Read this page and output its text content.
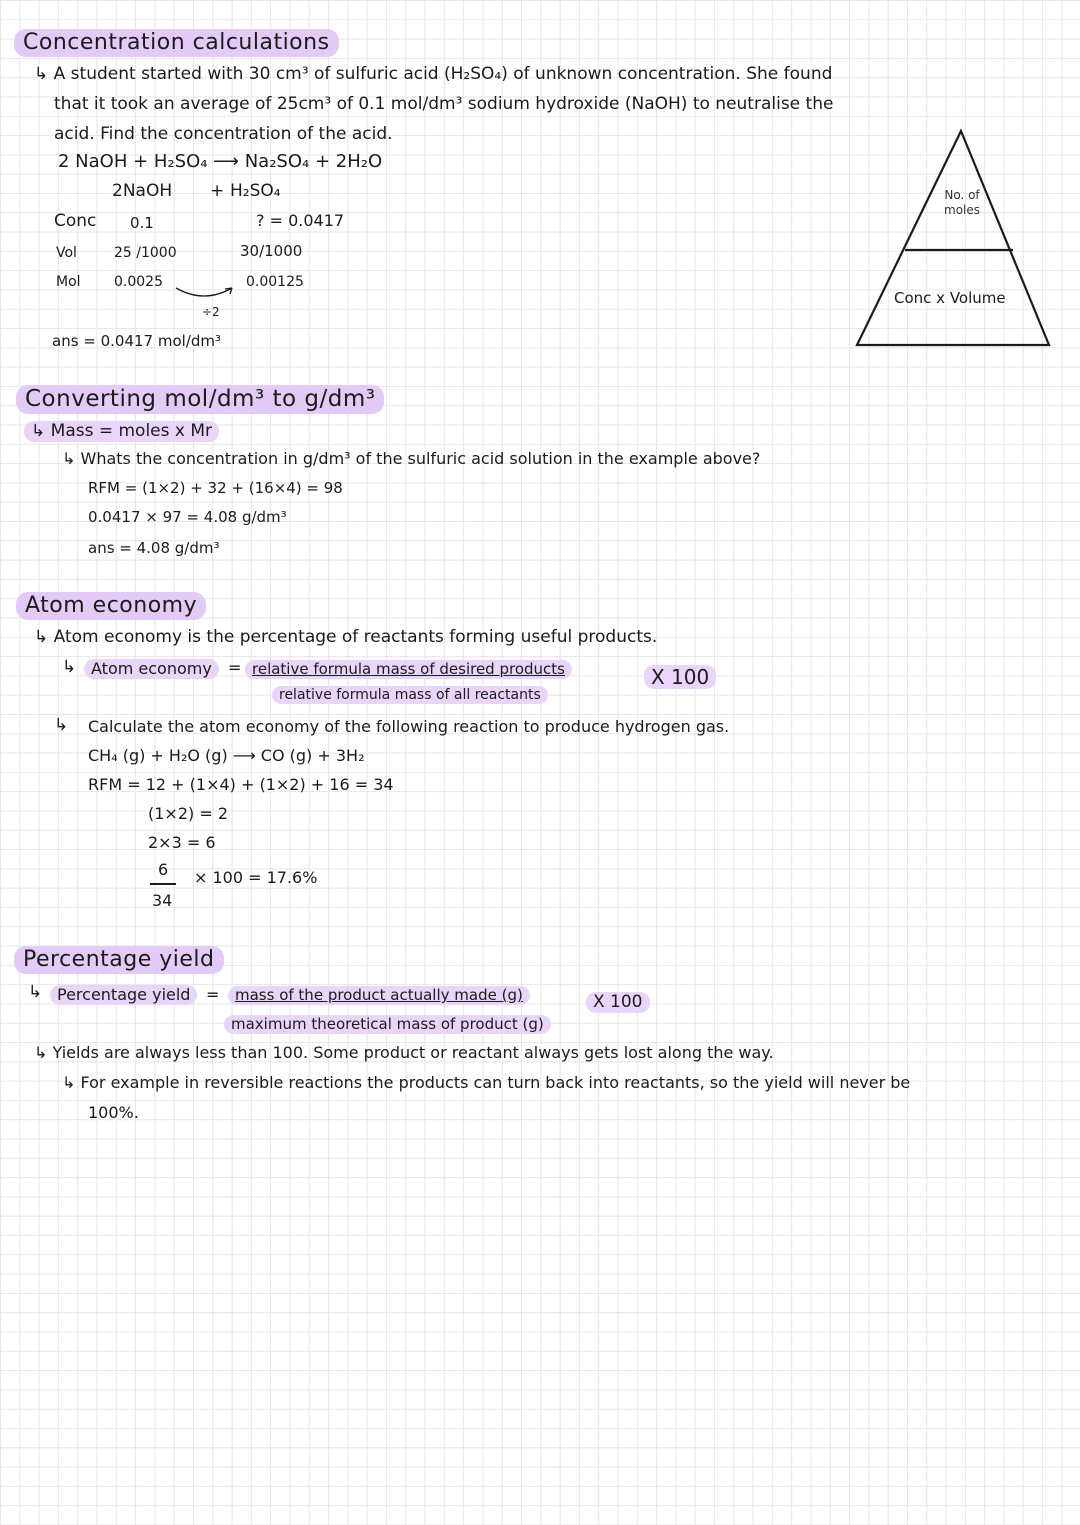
Concentration calculations
↳ A student started with 30 cm³ of sulfuric acid (H₂SO₄) of unknown concentration. She found
that it took an average of 25cm³ of 0.1 mol/dm³ sodium hydroxide (NaOH) to neutralise the
acid. Find the concentration of the acid.
2 NaOH + H₂SO₄ ⟶ Na₂SO₄ + 2H₂O
2NaOH + H₂SO₄
Conc 0.1	? = 0.0417
Vol	25 /1000	30/1000
Mol 0.0025	0.00125
÷2
ans = 0.0417 mol/dm³
No. of moles
Conc x Volume
Converting mol/dm³ to g/dm³
↳ Mass = moles x Mr
↳ Whats the concentration in g/dm³ of the sulfuric acid solution in the example above?
RFM = (1×2) + 32 + (16×4) = 98
0.0417 × 97 = 4.08 g/dm³
ans = 4.08 g/dm³
Atom economy
↳ Atom economy is the percentage of reactants forming useful products.
↳ Atom economy	= relative formula mass of desired products
relative formula mass of all reactants
X 100
↳ Calculate the atom economy of the following reaction to produce hydrogen gas.
CH₄ (g) + H₂O (g) ⟶ CO (g) + 3H₂
RFM = 12 + (1×4) + (1×2) + 16 = 34
(1×2) = 2
2×3 = 6
6
34
× 100 = 17.6%
Percentage yield
↳ Percentage yield =	mass of the product actually made (g)
maximum theoretical mass of product (g)
X 100
↳ Yields are always less than 100. Some product or reactant always gets lost along the way.
↳ For example in reversible reactions the products can turn back into reactants, so the yield will never be
100%.
